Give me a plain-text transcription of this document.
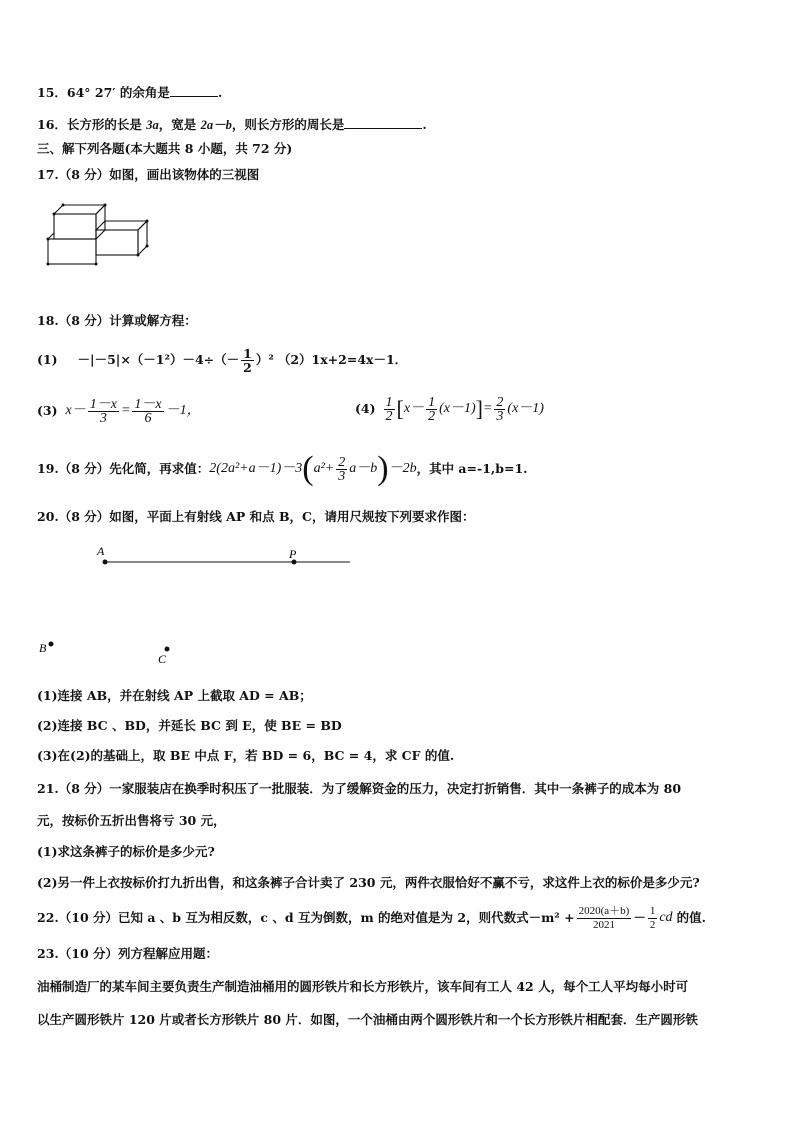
15．64° 27′ 的余角是	.
16．长方形的长是 3a，宽是 2a－b，则长方形的周长是	.
三、解下列各题(本大题共 8 小题，共 72 分)
17.（8 分）如图，画出该物体的三视图
18.（8 分）计算或解方程：
$(1) -|-5|\times(-1^2)-4\div(- \frac{1}{2} )^2$ （2）1x+2=4x－1．
(3) $x- \frac{1-x}{3} = \frac{1-x}{6} -1$，	$(4) \frac{1}{2}$ [ $x- \frac{1}{2} (x-1)$ ] = $\frac{2}{3} (x-1)$
19.（8 分）先化简，再求值： 2(2a²+a－1)－3 ( $a^2+ \frac{2}{3} a-b$ ) －2b ，其中 a=-1,b=1.
20.（8 分）如图，平面上有射线 AP 和点 B，C，请用尺规按下列要求作图：
A	P
B
C
(1)连接 AB，并在射线 AP 上截取 AD = AB；
(2)连接 BC 、BD，并延长 BC 到 E，使 BE = BD
(3)在(2)的基础上，取 BE 中点 F，若 BD = 6，BC = 4，求 CF 的值.
21.（8 分）一家服装店在换季时积压了一批服装．为了缓解资金的压力，决定打折销售．其中一条裤子的成本为 80
元，按标价五折出售将亏 30 元，
(1)求这条裤子的标价是多少元?
(2)另一件上衣按标价打九折出售，和这条裤子合计卖了 230 元，两件衣服恰好不赢不亏，求这件上衣的标价是多少元?
22.（10 分）已知 a 、b 互为相反数，c 、d 互为倒数，m 的绝对值是为 2，则代数式$-m^2 + \frac{2020(a+b)}{2021} - \frac{1}{2}$ cd 的值.
23.（10 分）列方程解应用题：
油桶制造厂的某车间主要负责生产制造油桶用的圆形铁片和长方形铁片，该车间有工人 42 人，每个工人平均每小时可
以生产圆形铁片 120 片或者长方形铁片 80 片．如图，一个油桶由两个圆形铁片和一个长方形铁片相配套．生产圆形铁
